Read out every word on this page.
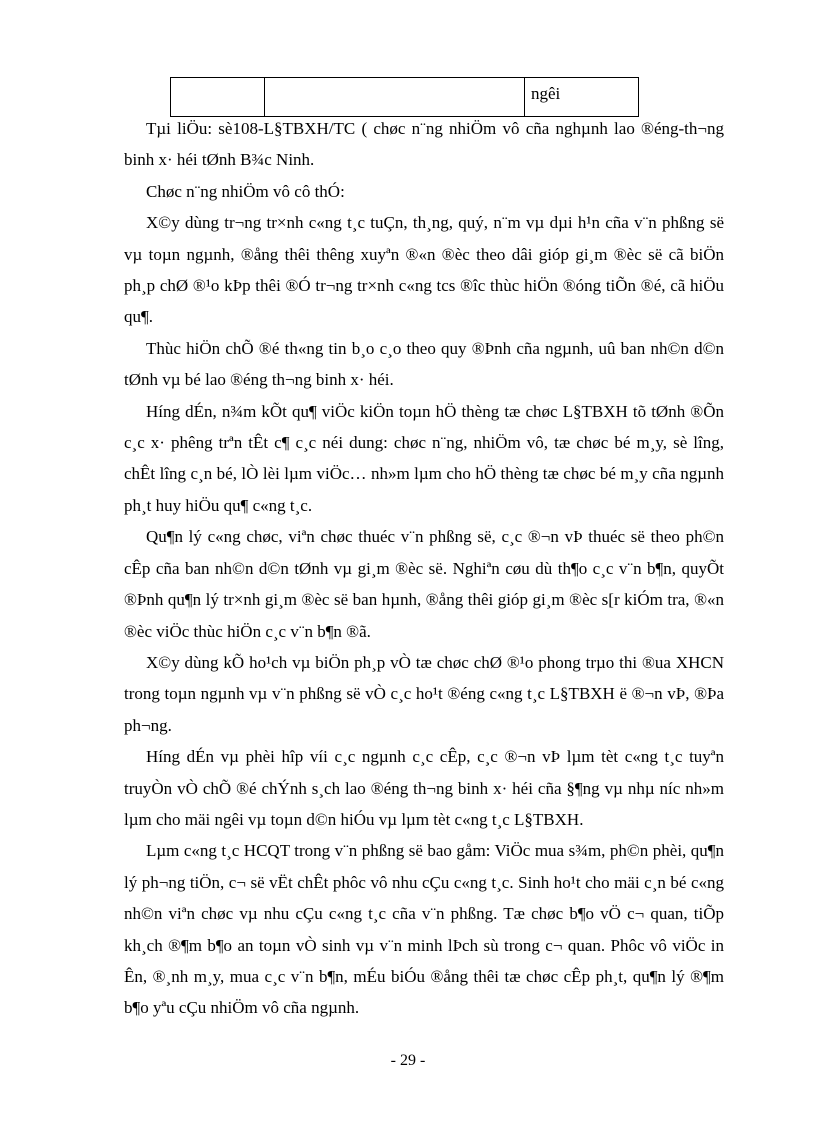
		ngêi

Tµi liÖu: sè108-L§TBXH/TC ( chøc n¨ng nhiÖm vô cña nghµnh lao ®éng-th¬ng binh x· héi tØnh B¾c Ninh.

Chøc n¨ng nhiÖm vô cô thÓ:

X©y dùng tr¬ng tr×nh c«ng t¸c tuÇn, th¸ng, quý, n¨m vµ dµi h¹n cña v¨n phßng së vµ toµn ngµnh, ®ång thêi thêng xuyªn ®«n ®èc theo dâi gióp gi¸m ®èc së cã biÖn ph¸p chØ ®¹o kÞp thêi ®Ó tr¬ng tr×nh c«ng tcs ®îc thùc hiÖn ®óng tiÕn ®é, cã hiÖu qu¶.

Thùc hiÖn chÕ ®é th«ng tin b¸o c¸o theo quy ®Þnh cña ngµnh, uû ban nh©n d©n tØnh vµ bé lao ®éng th¬ng binh x· héi.

Híng dÉn, n¾m kÕt qu¶ viÖc kiÖn toµn hÖ thèng tæ chøc L§TBXH tõ tØnh ®Õn c¸c x· phêng trªn tÊt c¶ c¸c néi dung: chøc n¨ng, nhiÖm vô, tæ chøc bé m¸y, sè lîng, chÊt lîng c¸n bé, lÒ lèi lµm viÖc… nh»m lµm cho hÖ thèng tæ chøc bé m¸y cña ngµnh ph¸t huy hiÖu qu¶ c«ng t¸c.

Qu¶n lý c«ng chøc, viªn chøc thuéc v¨n phßng së, c¸c ®¬n vÞ thuéc së theo ph©n cÊp cña ban nh©n d©n tØnh vµ gi¸m ®èc së. Nghiªn cøu dù th¶o c¸c v¨n b¶n, quyÕt ®Þnh qu¶n lý tr×nh gi¸m ®èc së ban hµnh, ®ång thêi gióp gi¸m ®èc s[r kiÓm tra, ®«n ®èc viÖc thùc hiÖn c¸c v¨n b¶n ®ã.

X©y dùng kÕ ho¹ch vµ biÖn ph¸p vÒ tæ chøc chØ ®¹o phong trµo thi ®ua XHCN trong toµn ngµnh vµ v¨n phßng së vÒ c¸c ho¹t ®éng c«ng t¸c L§TBXH ë ®¬n vÞ, ®Þa ph¬ng.

Híng dÉn vµ phèi hîp víi c¸c ngµnh c¸c cÊp, c¸c ®¬n vÞ lµm tèt c«ng t¸c tuyªn truyÒn vÒ chÕ ®é chÝnh s¸ch lao ®éng th¬ng binh x· héi cña §¶ng vµ nhµ níc nh»m lµm cho mäi ngêi vµ toµn d©n hiÓu vµ lµm tèt c«ng t¸c L§TBXH.

Lµm c«ng t¸c HCQT trong v¨n phßng së bao gåm: ViÖc mua s¾m, ph©n phèi, qu¶n lý ph¬ng tiÖn, c¬ së vËt chÊt phôc vô nhu cÇu c«ng t¸c. Sinh ho¹t cho mäi c¸n bé c«ng nh©n viªn chøc vµ nhu cÇu c«ng t¸c cña v¨n phßng. Tæ chøc b¶o vÖ c¬ quan, tiÕp kh¸ch ®¶m b¶o an toµn vÒ sinh vµ v¨n minh lÞch sù trong c¬ quan. Phôc vô viÖc in Ên, ®¸nh m¸y, mua c¸c v¨n b¶n, mÉu biÓu ®ång thêi tæ chøc cÊp ph¸t, qu¶n lý ®¶m b¶o yªu cÇu nhiÖm vô cña ngµnh.

- 29 -
